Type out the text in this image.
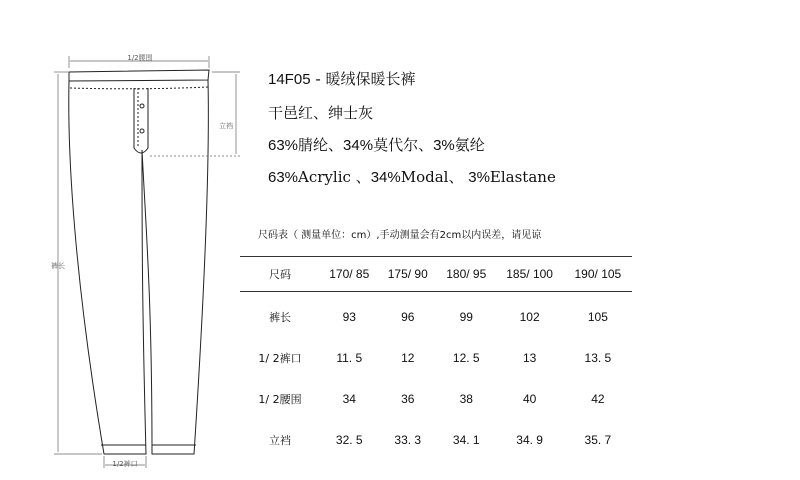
1/2腰围
立裆
裤长
1/2裤口
14F05 - 暖绒保暖长裤
干邑红、绅士灰
63%腈纶、34%莫代尔、3%氨纶
63%Acrylic 、34%Modal、 3%Elastane
尺码表（ 测量单位：cm）,手动测量会有2cm以内误差，请见谅
尺码	170/ 85	175/ 90	180/ 95	185/ 100	190/ 105
裤长	93	96	99	102	105
1/ 2裤口	11. 5	12	12. 5	13	13. 5
1/ 2腰围	34	36	38	40	42
立裆	32. 5	33. 3	34. 1	34. 9	35. 7
